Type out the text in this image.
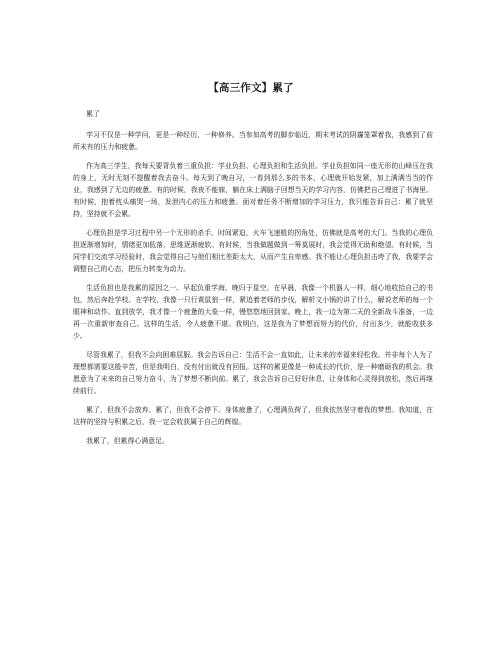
【高三作文】累了

累了

学习不仅是一种学问，更是一种经历，一种修养。当参加高考的脚步临近，期末考试的阴霾笼罩着我，我感到了前所未有的压力和疲惫。

作为高三学生，我每天要背负着三重负担：学业负担、心理负担和生活负担。学业负担如同一座无形的山峰压在我的身上，无时无刻不提醒着我去奋斗。每天到了晚自习，一看到那么多的书本，心理就开始发紧，加上满满当当的作业，我感到了无边的疲惫。有的时候，我夜不能寐，躺在床上满脑子回想当天的学习内容，仿佛把自己埋进了书海里。有时候，抱着枕头痛哭一场，发泄内心的压力和疲惫。面对着任务不断增加的学习压力，我只能告诉自己：累了就坚持，坚持就不会累。

心理负担是学习过程中另一个无形的杀手。时间紧迫，火车飞速般的拐角处，仿佛就是高考的大门。当我的心理负担逐渐增加时，情绪更加低落，思维逐渐疲软。有时候，当我做题做到一筹莫展时，我会觉得无助和绝望。有时候，当同学们交流学习经验时，我会觉得自己与他们相比差距太大，从而产生自卑感。我不能让心理负担击垮了我，我要学会调整自己的心态，把压力转变为动力。

生活负担也是我累的原因之一。早起负重学海，晚归于星空。在早晨，我像一个机器人一样，细心地收拾自己的书包，然后奔赴学校。在学校，我像一只行黄鼠狼一样，紧追着老师的步伐，解析文小锅的讲了什么，解说老师的每一个眼神和动作。直到放学，我才像一个疲惫的大象一样，慢悠悠地回到家。晚上，我一边为第二天的全新战斗准备，一边再一次重新审查自己。这样的生活，令人疲惫不堪。我明白，这是我为了梦想而努力的代价，付出多少，就能收获多少。

尽管我累了，但我不会向困难屈服。我会告诉自己：生活不会一直如此，让未来的幸福来轻松我。并非每个人为了理想都需要这般辛苦，但是我明白，没有付出就没有回报。这样的累更像是一种成长的代价，是一种磨砺我的机会。我愿意为了未来的自己努力奋斗，为了梦想不断向前。累了，我会告诉自己好好休息，让身体和心灵得到放松，然后再继续前行。

累了，但我不会放弃。累了，但我不会停下。身体疲惫了，心理满负荷了，但我依然坚守着我的梦想。我知道，在这样的坚持与积累之后，我一定会收获属于自己的辉煌。

我累了，但累得心满意足。
